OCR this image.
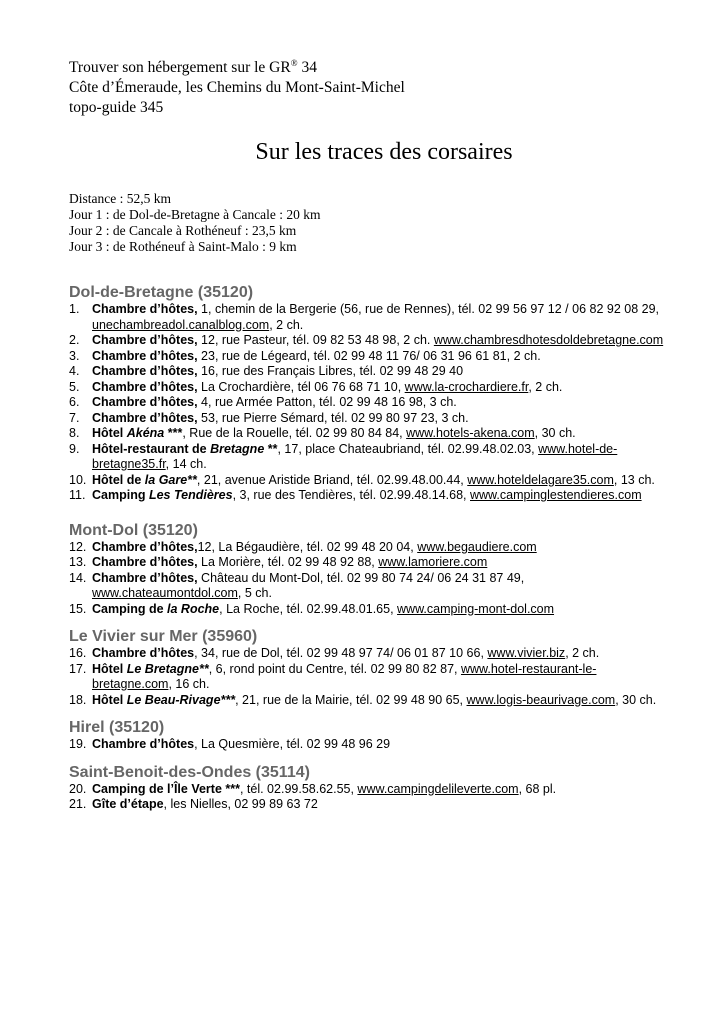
Trouver son hébergement sur le GR® 34
Côte d’Émeraude, les Chemins du Mont-Saint-Michel
topo-guide 345
Sur les traces des corsaires
Distance : 52,5 km
Jour 1 : de Dol-de-Bretagne à Cancale : 20 km
Jour 2 : de Cancale à Rothéneuf : 23,5 km
Jour 3 : de Rothéneuf à Saint-Malo : 9 km
Dol-de-Bretagne (35120)
1. Chambre d’hôtes, 1, chemin de la Bergerie (56, rue de Rennes), tél. 02 99 56 97 12 / 06 82 92 08 29, unechambreadol.canalblog.com, 2 ch.
2. Chambre d’hôtes, 12, rue Pasteur, tél. 09 82 53 48 98, 2 ch. www.chambresdhotesdoldebretagne.com
3. Chambre d’hôtes, 23, rue de Légeard, tél. 02 99 48 11 76/ 06 31 96 61 81, 2 ch.
4. Chambre d’hôtes, 16, rue des Français Libres, tél. 02 99 48 29 40
5. Chambre d’hôtes, La Crochardière, tél 06 76 68 71 10, www.la-crochardiere.fr, 2 ch.
6. Chambre d’hôtes, 4, rue Armée Patton, tél. 02 99 48 16 98, 3 ch.
7. Chambre d’hôtes, 53, rue Pierre Sémard, tél. 02 99 80 97 23, 3 ch.
8. Hôtel Akéna ***, Rue de la Rouelle, tél. 02 99 80 84 84, www.hotels-akena.com, 30 ch.
9. Hôtel-restaurant de Bretagne **, 17, place Chateaubriand, tél. 02.99.48.02.03, www.hotel-de-bretagne35.fr, 14 ch.
10. Hôtel de la Gare**, 21, avenue Aristide Briand, tél. 02.99.48.00.44, www.hoteldelagare35.com, 13 ch.
11. Camping Les Tendières, 3, rue des Tendières, tél. 02.99.48.14.68, www.campinglestendieres.com
Mont-Dol (35120)
12. Chambre d’hôtes,12, La Bégaudière, tél. 02 99 48 20 04, www.begaudiere.com
13. Chambre d’hôtes, La Morière, tél. 02 99 48 92 88, www.lamoriere.com
14. Chambre d’hôtes, Château du Mont-Dol, tél. 02 99 80 74 24/ 06 24 31 87 49, www.chateaumontdol.com, 5 ch.
15. Camping de la Roche, La Roche, tél. 02.99.48.01.65, www.camping-mont-dol.com
Le Vivier sur Mer (35960)
16. Chambre d’hôtes, 34, rue de Dol, tél. 02 99 48 97 74/ 06 01 87 10 66, www.vivier.biz, 2 ch.
17. Hôtel Le Bretagne**, 6, rond point du Centre, tél. 02 99 80 82 87, www.hotel-restaurant-le-bretagne.com, 16 ch.
18. Hôtel Le Beau-Rivage***, 21, rue de la Mairie, tél. 02 99 48 90 65, www.logis-beaurivage.com, 30 ch.
Hirel (35120)
19. Chambre d’hôtes, La Quesmière, tél. 02 99 48 96 29
Saint-Benoit-des-Ondes (35114)
20. Camping de l’Île Verte ***, tél. 02.99.58.62.55, www.campingdelileverte.com, 68 pl.
21. Gîte d’étape, les Nielles, 02 99 89 63 72
